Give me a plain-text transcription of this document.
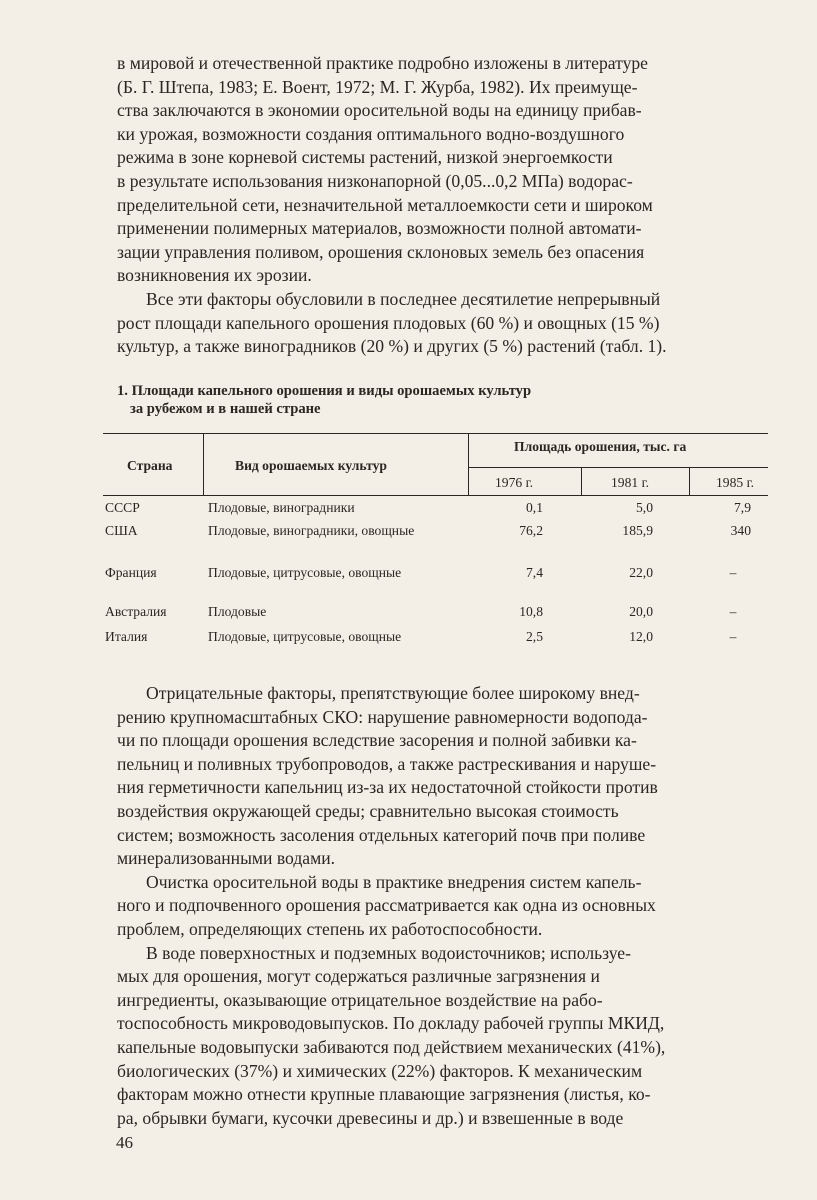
в мировой и отечественной практике подробно изложены в литературе
(Б. Г. Штепа, 1983; Е. Воент, 1972; М. Г. Журба, 1982). Их преимуще-
ства заключаются в экономии оросительной воды на единицу прибав-
ки урожая, возможности создания оптимального водно-воздушного
режима в зоне корневой системы растений, низкой энергоемкости
в результате использования низконапорной (0,05...0,2 МПа) водорас-
пределительной сети, незначительной металлоемкости сети и широком
применении полимерных материалов, возможности полной автомати-
зации управления поливом, орошения склоновых земель без опасения
возникновения их эрозии.

Все эти факторы обусловили в последнее десятилетие непрерывный
рост площади капельного орошения плодовых (60 %) и овощных (15 %)
культур, а также виноградников (20 %) и других (5 %) растений (табл. 1).

1. Площади капельного орошения и виды орошаемых культур
за рубежом и в нашей стране
Страна	Вид орошаемых культур
Площадь орошения, тыс. га
1976 г.	1981 г.	1985 г.
СССР	Плодовые, виноградники	0,1	5,0	7,9
США	Плодовые, виноградники, овощные	76,2	185,9	340
Франция	Плодовые, цитрусовые, овощные	7,4	22,0	–
Австралия	Плодовые	10,8	20,0	–
Италия	Плодовые, цитрусовые, овощные	2,5	12,0	–

Отрицательные факторы, препятствующие более широкому внед-
рению крупномасштабных СКО: нарушение равномерности водопода-
чи по площади орошения вследствие засорения и полной забивки ка-
пельниц и поливных трубопроводов, а также растрескивания и наруше-
ния герметичности капельниц из-за их недостаточной стойкости против
воздействия окружающей среды; сравнительно высокая стоимость
систем; возможность засоления отдельных категорий почв при поливе
минерализованными водами.

Очистка оросительной воды в практике внедрения систем капель-
ного и подпочвенного орошения рассматривается как одна из основных
проблем, определяющих степень их работоспособности.

В воде поверхностных и подземных водоисточников; используе-
мых для орошения, могут содержаться различные загрязнения и
ингредиенты, оказывающие отрицательное воздействие на рабо-
тоспособность микроводовыпусков. По докладу рабочей группы МКИД,
капельные водовыпуски забиваются под действием механических (41%),
биологических (37%) и химических (22%) факторов. К механическим
факторам можно отнести крупные плавающие загрязнения (листья, ко-
ра, обрывки бумаги, кусочки древесины и др.) и взвешенные в воде

46
